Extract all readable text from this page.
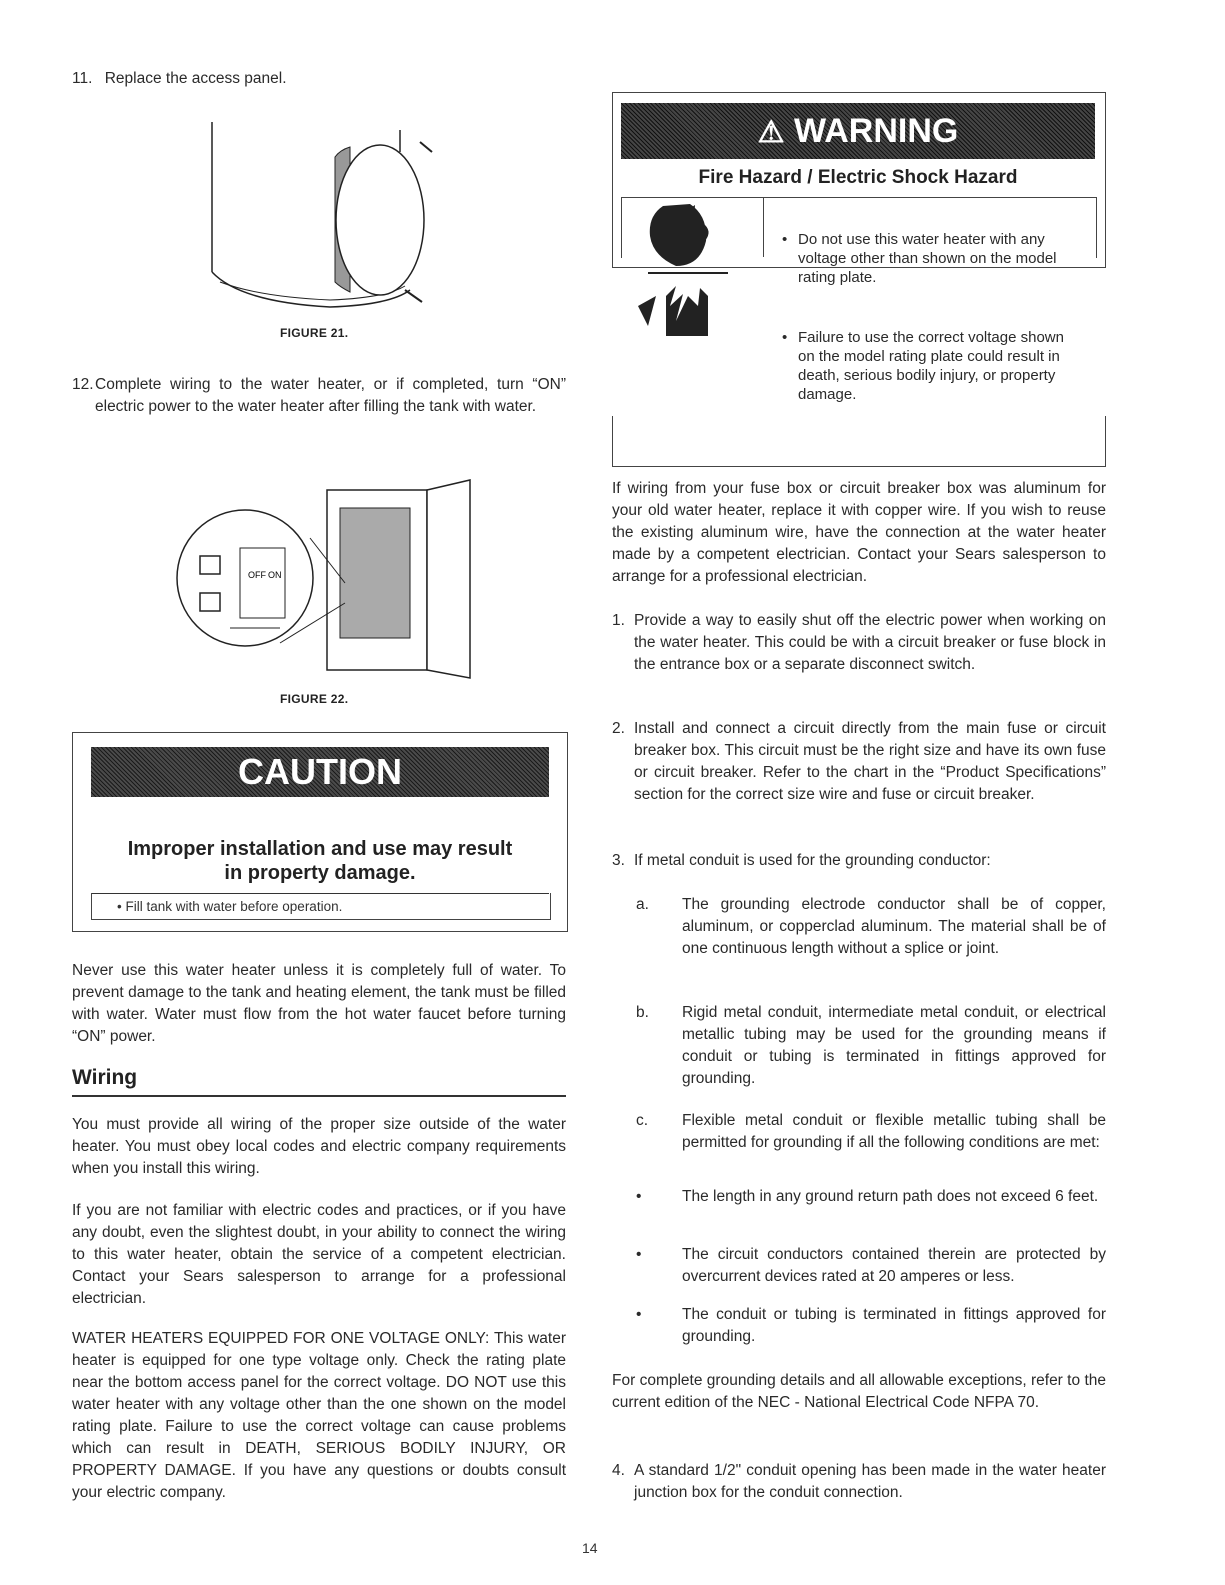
11. Replace the access panel.
FIGURE 21.
12. Complete wiring to the water heater, or if completed, turn “ON” electric power to the water heater after filling the tank with water.
OFF ON
FIGURE 22.
CAUTION
Improper installation and use may result
in property damage.
• Fill tank with water before operation.

Never use this water heater unless it is completely full of water. To prevent damage to the tank and heating element, the tank must be filled with water. Water must flow from the hot water faucet before turning “ON” power.

Wiring

You must provide all wiring of the proper size outside of the water heater. You must obey local codes and electric company requirements when you install this wiring.

If you are not familiar with electric codes and practices, or if you have any doubt, even the slightest doubt, in your ability to connect the wiring to this water heater, obtain the service of a competent electrician. Contact your Sears salesperson to arrange for a professional electrician.

WATER HEATERS EQUIPPED FOR ONE VOLTAGE ONLY: This water heater is equipped for one type voltage only. Check the rating plate near the bottom access panel for the correct voltage. DO NOT use this water heater with any voltage other than the one shown on the model rating plate. Failure to use the correct voltage can cause problems which can result in DEATH, SERIOUS BODILY INJURY, OR PROPERTY DAMAGE. If you have any questions or doubts consult your electric company.

⚠ WARNING
Fire Hazard / Electric Shock Hazard
• Do not use this water heater with any voltage other than shown on the model rating plate.
• Failure to use the correct voltage shown on the model rating plate could result in death, serious bodily injury, or property damage.

If wiring from your fuse box or circuit breaker box was aluminum for your old water heater, replace it with copper wire. If you wish to reuse the existing aluminum wire, have the connection at the water heater made by a competent electrician. Contact your Sears salesperson to arrange for a professional electrician.

1. Provide a way to easily shut off the electric power when working on the water heater. This could be with a circuit breaker or fuse block in the entrance box or a separate disconnect switch.
2. Install and connect a circuit directly from the main fuse or circuit breaker box. This circuit must be the right size and have its own fuse or circuit breaker. Refer to the chart in the “Product Specifications” section for the correct size wire and fuse or circuit breaker.
3. If metal conduit is used for the grounding conductor:
a. The grounding electrode conductor shall be of copper, aluminum, or copperclad aluminum. The material shall be of one continuous length without a splice or joint.
b. Rigid metal conduit, intermediate metal conduit, or electrical metallic tubing may be used for the grounding means if conduit or tubing is terminated in fittings approved for grounding.
c. Flexible metal conduit or flexible metallic tubing shall be permitted for grounding if all the following conditions are met:
•	The length in any ground return path does not exceed 6 feet.
•	The circuit conductors contained therein are protected by overcurrent devices rated at 20 amperes or less.
•	The conduit or tubing is terminated in fittings approved for grounding.

For complete grounding details and all allowable exceptions, refer to the current edition of the NEC - National Electrical Code NFPA 70.

4. A standard 1/2" conduit opening has been made in the water heater junction box for the conduit connection.
14
